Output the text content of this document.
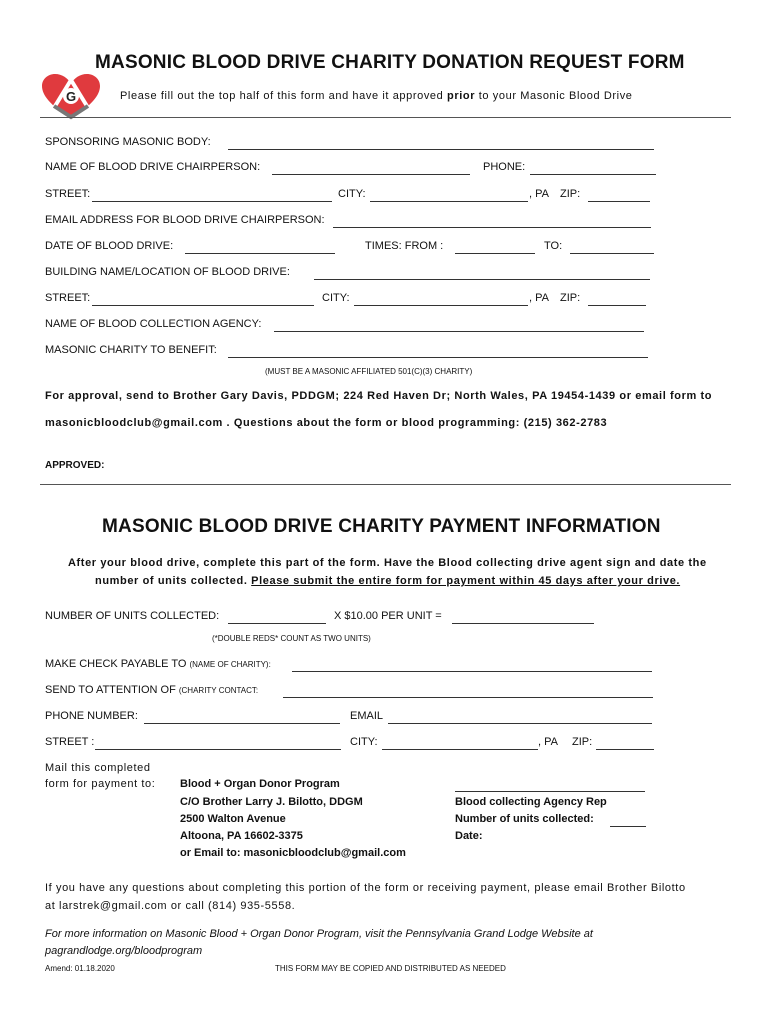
G
MASONIC BLOOD DRIVE CHARITY DONATION REQUEST FORM
Please fill out the top half of this form and have it approved prior to your Masonic Blood Drive
SPONSORING MASONIC BODY:
NAME OF BLOOD DRIVE CHAIRPERSON:	PHONE:
STREET:	CITY:	, PA ZIP:
EMAIL ADDRESS FOR BLOOD DRIVE CHAIRPERSON:
DATE OF BLOOD DRIVE:	TIMES: FROM :	TO:
BUILDING NAME/LOCATION OF BLOOD DRIVE:
STREET:	CITY:	, PA ZIP:
NAME OF BLOOD COLLECTION AGENCY:
MASONIC CHARITY TO BENEFIT:
(MUST BE A MASONIC AFFILIATED 501(C)(3) CHARITY)
For approval, send to Brother Gary Davis, PDDGM; 224 Red Haven Dr; North Wales, PA 19454-1439 or email form to
masonicbloodclub@gmail.com . Questions about the form or blood programming: (215) 362-2783
APPROVED:
MASONIC BLOOD DRIVE CHARITY PAYMENT INFORMATION
After your blood drive, complete this part of the form. Have the Blood collecting drive agent sign and date the
number of units collected. Please submit the entire form for payment within 45 days after your drive.
NUMBER OF UNITS COLLECTED:	X $10.00 PER UNIT =
(*DOUBLE REDS* COUNT AS TWO UNITS)
MAKE CHECK PAYABLE TO (NAME OF CHARITY):
SEND TO ATTENTION OF (CHARITY CONTACT:
PHONE NUMBER:	EMAIL
STREET :	CITY:	, PA ZIP:
Mail this completed
form for payment to: Blood + Organ Donor Program
C/O Brother Larry J. Bilotto, DDGM
2500 Walton Avenue
Altoona, PA 16602-3375
or Email to: masonicbloodclub@gmail.com
Blood collecting Agency Rep
Number of units collected:
Date:
If you have any questions about completing this portion of the form or receiving payment, please email Brother Bilotto
at larstrek@gmail.com or call (814) 935-5558.
For more information on Masonic Blood + Organ Donor Program, visit the Pennsylvania Grand Lodge Website at
pagrandlodge.org/bloodprogram
Amend: 01.18.2020	THIS FORM MAY BE COPIED AND DISTRIBUTED AS NEEDED
